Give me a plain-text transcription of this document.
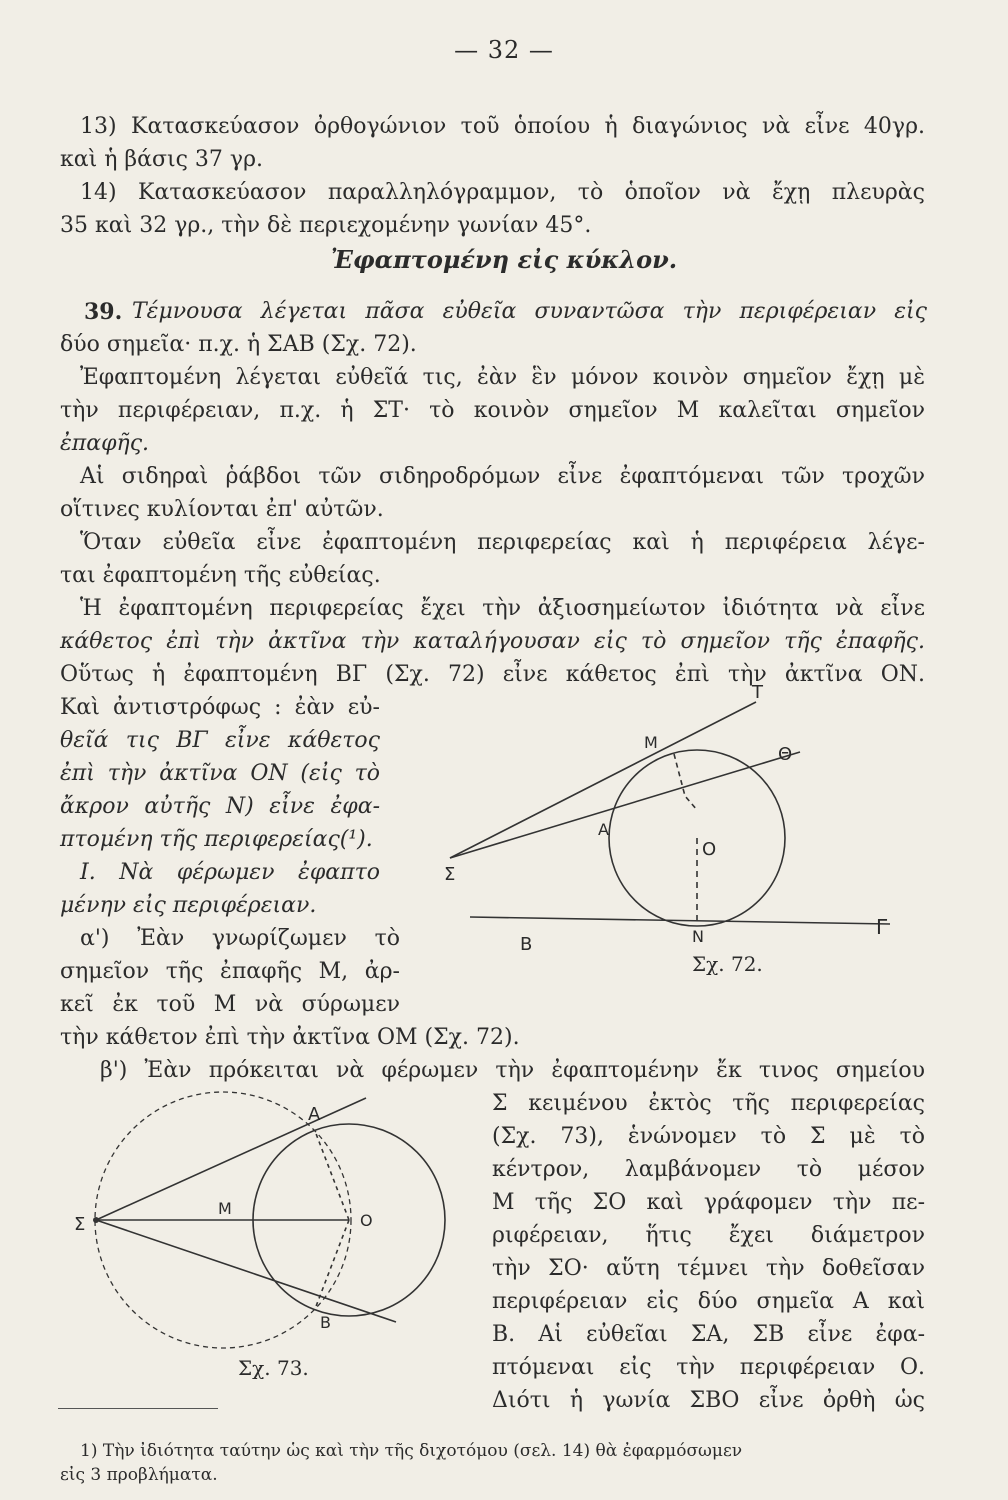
— 32 —

13) Κατασκεύασον ὀρθογώνιον τοῦ ὁποίου ἡ διαγώνιος νὰ εἶνε 40γρ.

καὶ ἡ βάσις 37 γρ.

14) Κατασκεύασον παραλληλόγραμμον, τὸ ὁποῖον νὰ ἔχῃ πλευρὰς

35 καὶ 32 γρ., τὴν δὲ περιεχομένην γωνίαν 45°.

Ἐφαπτομένη εἰς κύκλον.

39. Τέμνουσα λέγεται πᾶσα εὐθεῖα συναντῶσα τὴν περιφέρειαν εἰς

δύο σημεῖα· π.χ. ἡ ΣΑΒ (Σχ. 72).

Ἐφαπτομένη λέγεται εὐθεῖά τις, ἐὰν ἓν μόνον κοινὸν σημεῖον ἔχῃ μὲ

τὴν περιφέρειαν, π.χ. ἡ ΣΤ· τὸ κοινὸν σημεῖον Μ καλεῖται σημεῖον

ἐπαφῆς.

Αἱ σιδηραὶ ῥάβδοι τῶν σιδηροδρόμων εἶνε ἐφαπτόμεναι τῶν τροχῶν

οἵτινες κυλίονται ἐπ' αὐτῶν.

Ὅταν εὐθεῖα εἶνε ἐφαπτομένη περιφερείας καὶ ἡ περιφέρεια λέγε-

ται ἐφαπτομένη τῆς εὐθείας.

Ἡ ἐφαπτομένη περιφερείας ἔχει τὴν ἀξιοσημείωτον ἰδιότητα νὰ εἶνε

κάθετος ἐπὶ τὴν ἀκτῖνα τὴν καταλήγουσαν εἰς τὸ σημεῖον τῆς ἐπαφῆς.

Οὕτως ἡ ἐφαπτομένη ΒΓ (Σχ. 72) εἶνε κάθετος ἐπὶ τὴν ἀκτῖνα ΟΝ.

Καὶ ἀντιστρόφως : ἐὰν εὐ-

θεῖά τις ΒΓ εἶνε κάθετος

ἐπὶ τὴν ἀκτῖνα ΟΝ (εἰς τὸ

ἄκρον αὐτῆς Ν) εἶνε ἐφα-

πτομένη τῆς περιφερείας(¹).

Ι. Νὰ φέρωμεν ἐφαπτο

μένην εἰς περιφέρειαν.

α') Ἐὰν γνωρίζωμεν τὸ

σημεῖον τῆς ἐπαφῆς Μ, ἀρ-

κεῖ ἐκ τοῦ Μ νὰ σύρωμεν

τὴν κάθετον ἐπὶ τὴν ἀκτῖνα ΟΜ (Σχ. 72).

β') Ἐὰν πρόκειται νὰ φέρωμεν τὴν ἐφαπτομένην ἔκ τινος σημείου

Σ κειμένου ἐκτὸς τῆς περιφερείας

(Σχ. 73), ἑνώνομεν τὸ Σ μὲ τὸ

κέντρον, λαμβάνομεν τὸ μέσον

Μ τῆς ΣΟ καὶ γράφομεν τὴν πε-

ριφέρειαν, ἥτις ἔχει διάμετρον

τὴν ΣΟ· αὕτη τέμνει τὴν δοθεῖσαν

περιφέρειαν εἰς δύο σημεῖα Α καὶ

Β. Αἱ εὐθεῖαι ΣΑ, ΣΒ εἶνε ἐφα-

πτόμεναι εἰς τὴν περιφέρειαν Ο.

Διότι ἡ γωνία ΣΒΟ εἶνε ὀρθὴ ὡς

T
M
Θ
A
O
Σ
B	N	Γ
Σχ. 72.
A
M
O
Σ
B
Σχ. 73.

1) Τὴν ἰδιότητα ταύτην ὡς καὶ τὴν τῆς διχοτόμου (σελ. 14) θὰ ἐφαρμόσωμεν

εἰς 3 προβλήματα.
